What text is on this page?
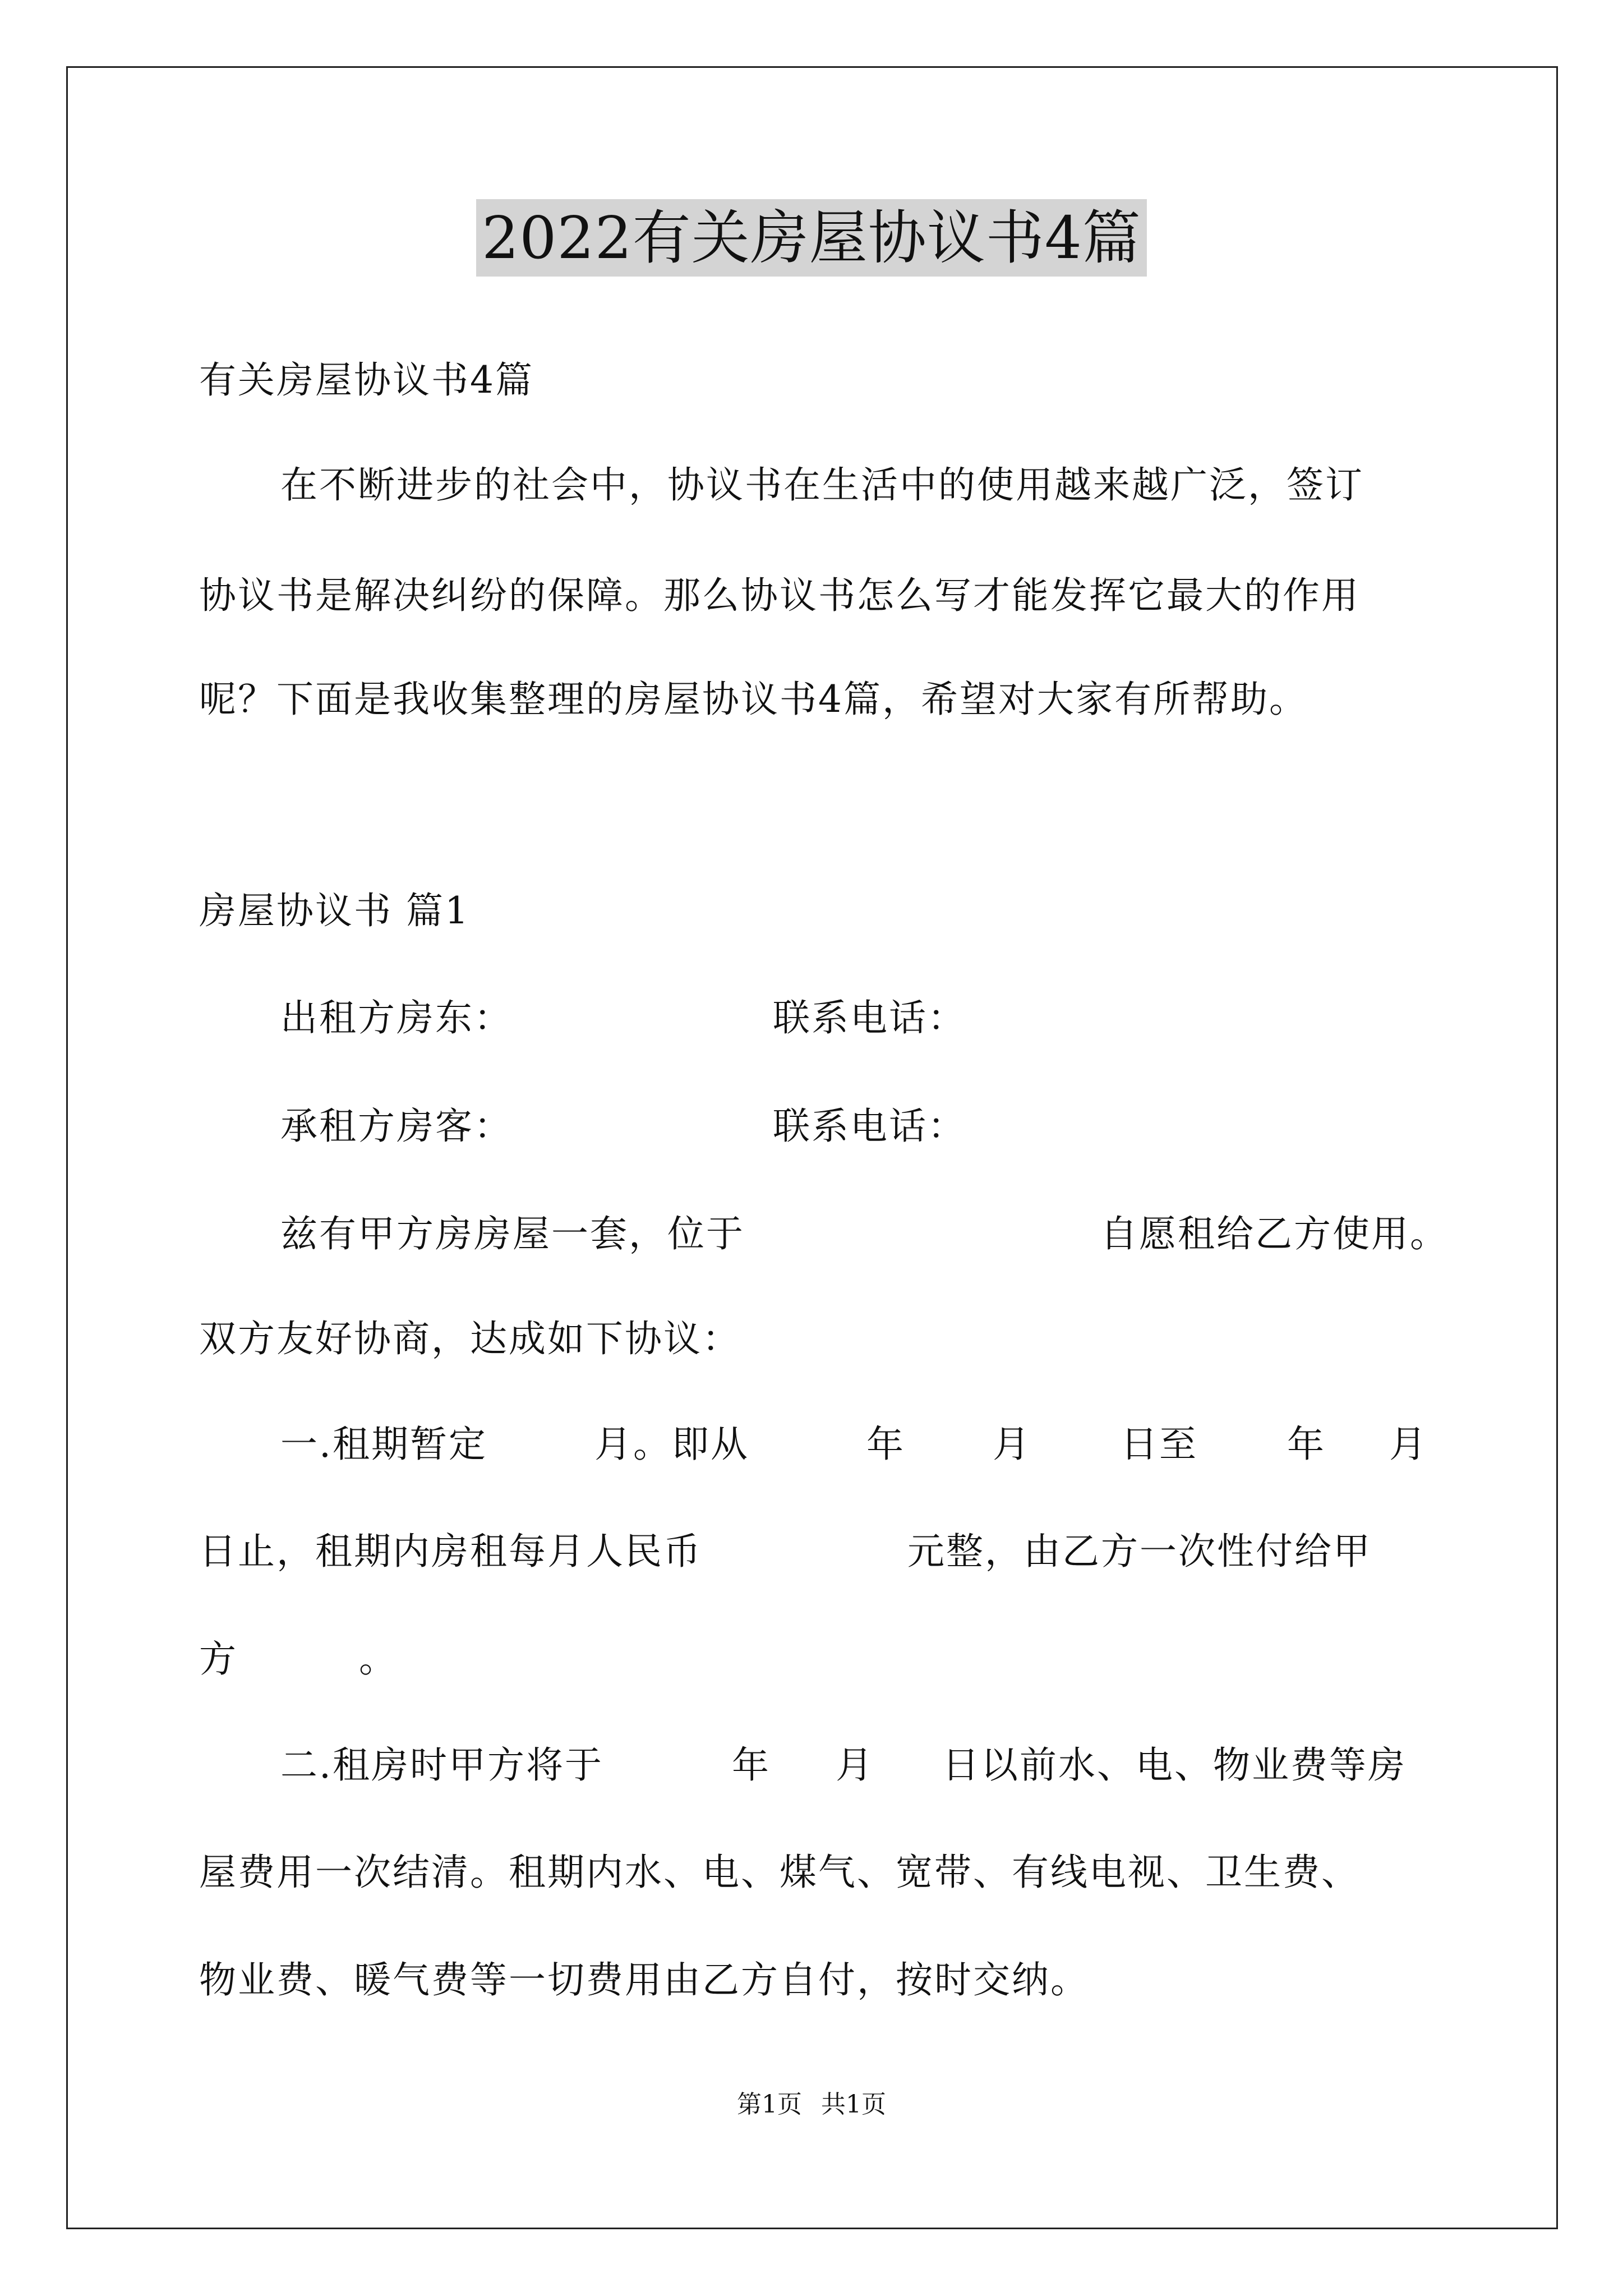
2022有关房屋协议书4篇
有关房屋协议书4篇
在不断进步的社会中，协议书在生活中的使用越来越广泛，签订
协议书是解决纠纷的保障。那么协议书怎么写才能发挥它最大的作用
呢？下面是我收集整理的房屋协议书4篇，希望对大家有所帮助。
房屋协议书 篇1
出租方房东：	联系电话：
承租方房客：	联系电话：
兹有甲方房房屋一套，位于	自愿租给乙方使用。
双方友好协商，达成如下协议：
一.租期暂定	月。即从	年 月 日至 年 月
日止，租期内房租每月人民币	元整，由乙方一次性付给甲
方	。
二.租房时甲方将于	年 月 日以前水、电、物业费等房
屋费用一次结清。租期内水、电、煤气、宽带、有线电视、卫生费、
物业费、暖气费等一切费用由乙方自付，按时交纳。
第1页 共1页
